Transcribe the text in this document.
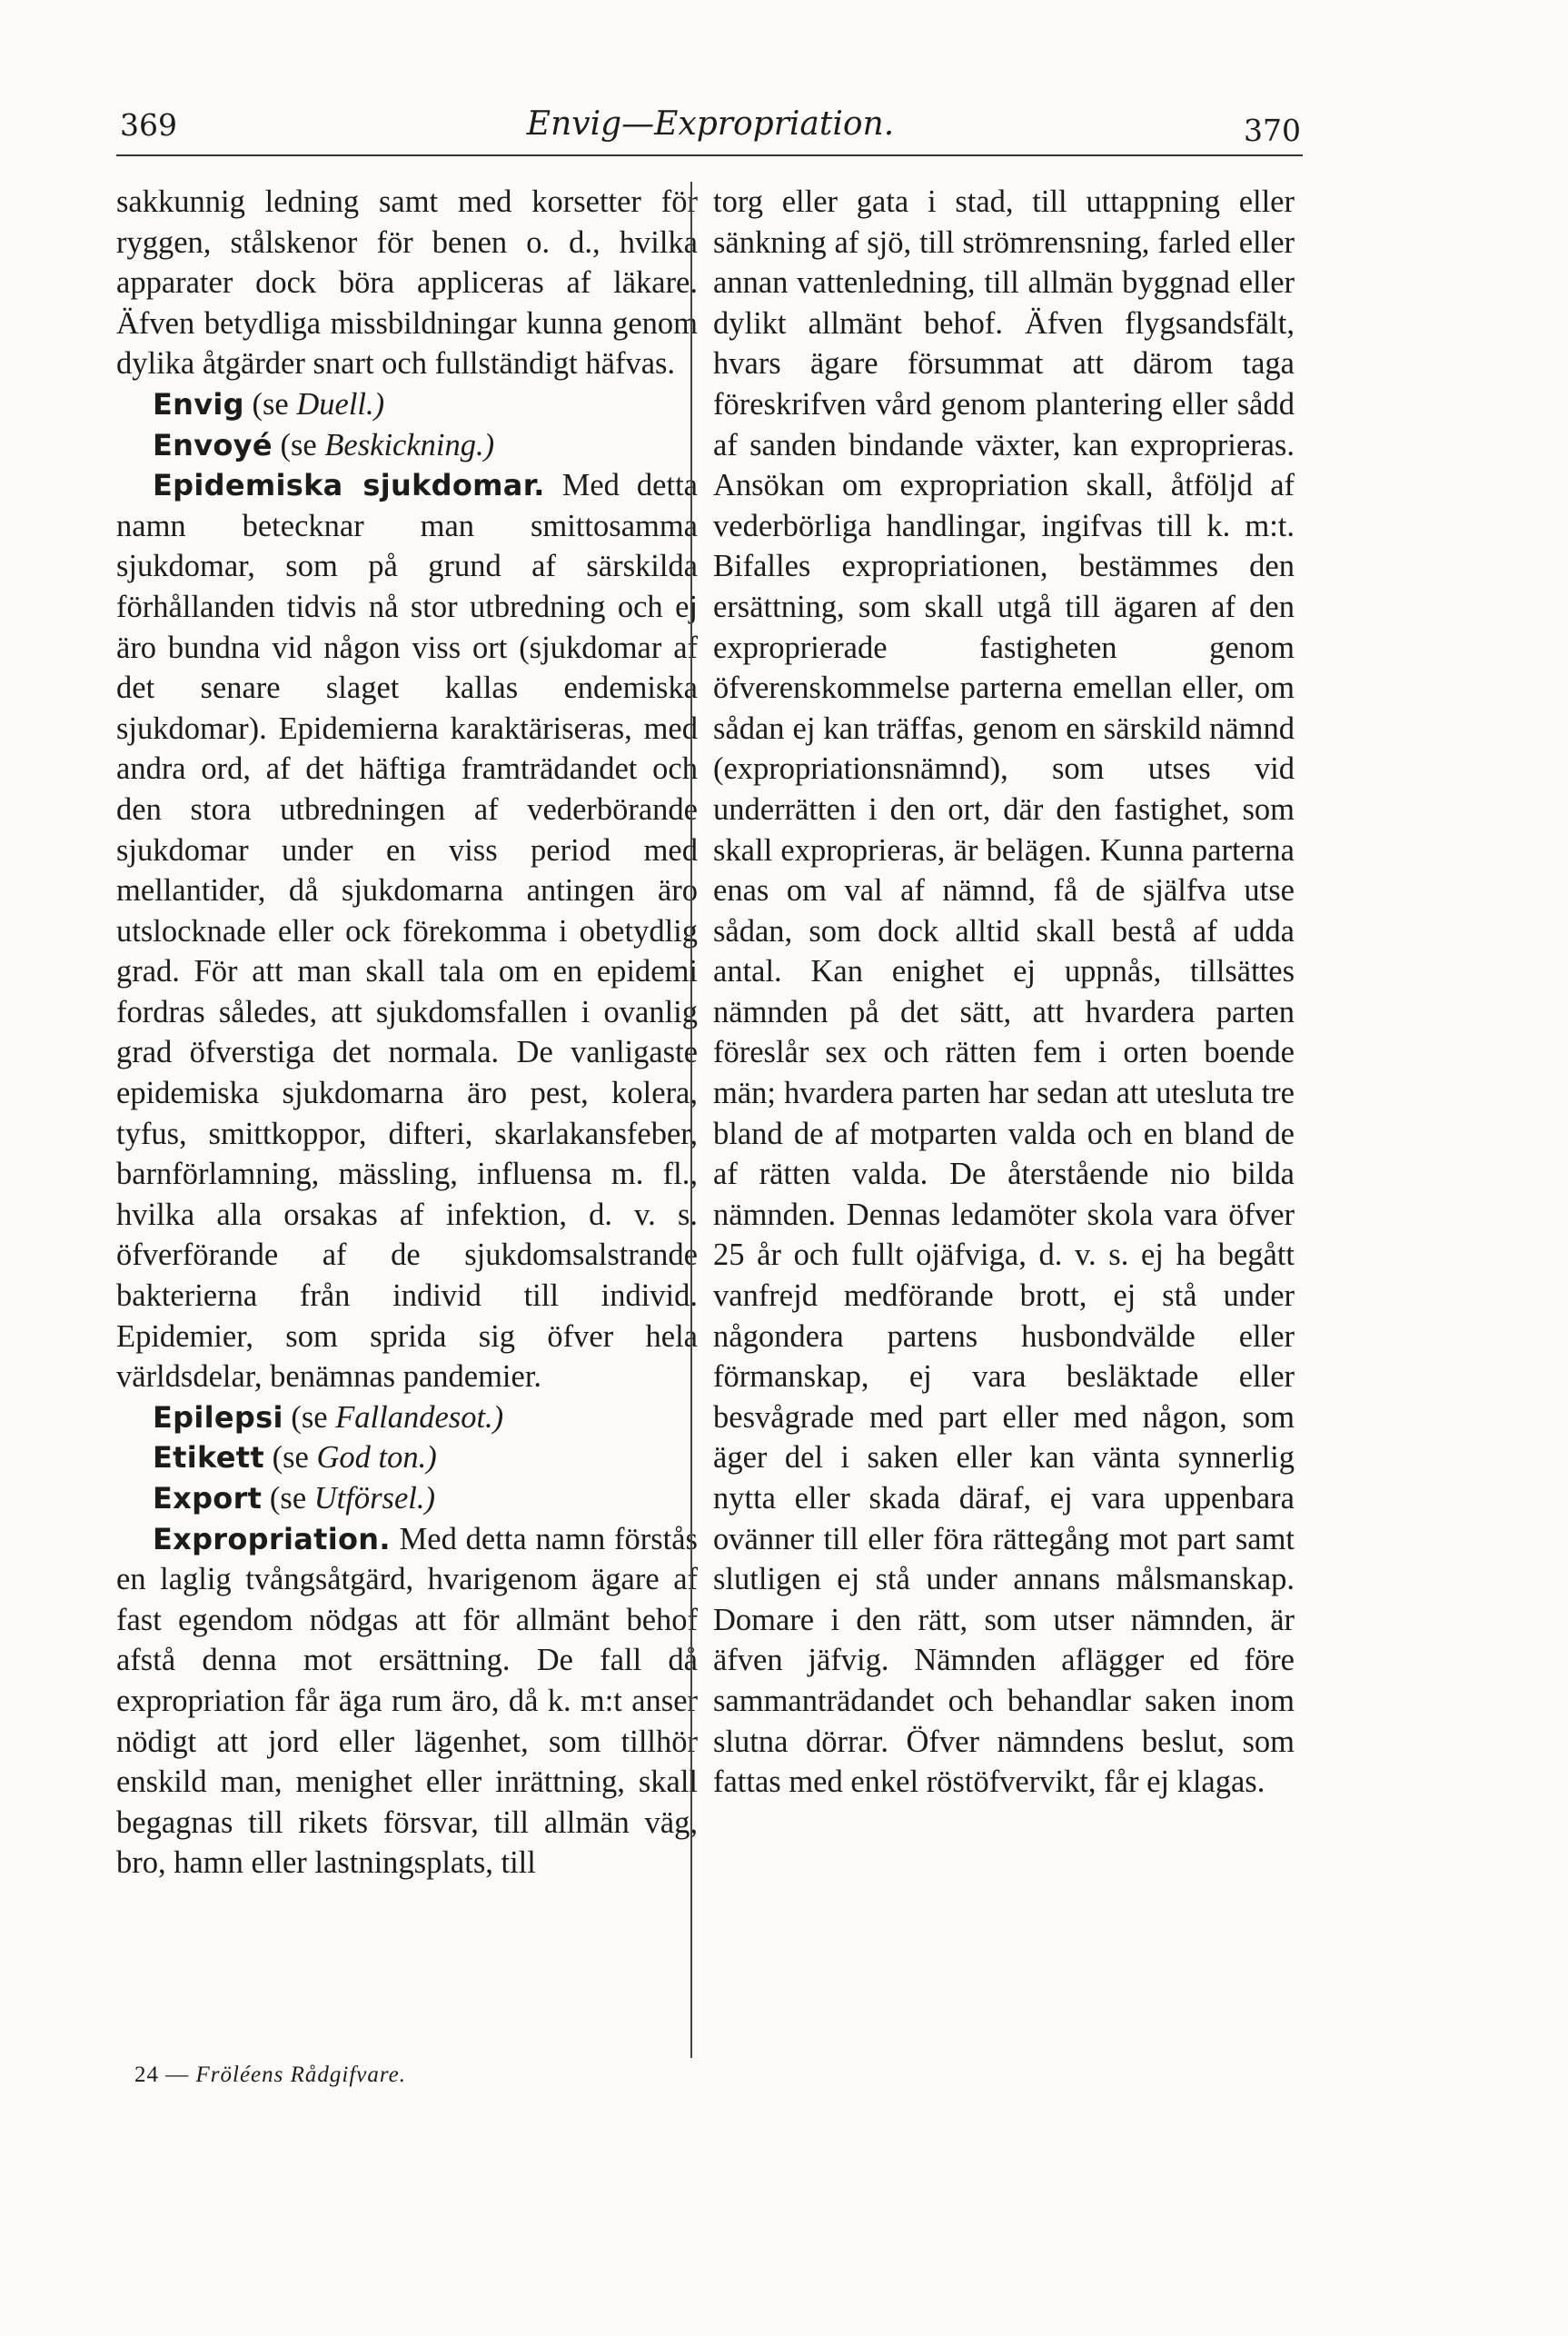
369	Envig—Expropriation.	370

sakkunnig ledning samt med korsetter för ryggen, stålskenor för benen o. d., hvilka apparater dock böra appliceras af läkare. Äfven betydliga missbildningar kunna genom dylika åtgärder snart och fullständigt häfvas.

Envig (se Duell.)

Envoyé (se Beskickning.)

Epidemiska sjukdomar. Med detta namn betecknar man smittosamma sjukdomar, som på grund af särskilda förhållanden tidvis nå stor utbredning och ej äro bundna vid någon viss ort (sjukdomar af det senare slaget kallas endemiska sjukdomar). Epidemierna karaktäriseras, med andra ord, af det häftiga framträdandet och den stora utbredningen af vederbörande sjukdomar under en viss period med mellantider, då sjukdomarna antingen äro utslocknade eller ock förekomma i obetydlig grad. För att man skall tala om en epidemi fordras således, att sjukdomsfallen i ovanlig grad öfverstiga det normala. De vanligaste epidemiska sjukdomarna äro pest, kolera, tyfus, smittkoppor, difteri, skarlakansfeber, barnförlamning, mässling, influensa m. fl., hvilka alla orsakas af infektion, d. v. s. öfverförande af de sjukdomsalstrande bakterierna från individ till individ. Epidemier, som sprida sig öfver hela världsdelar, benämnas pandemier.

Epilepsi (se Fallandesot.)

Etikett (se God ton.)

Export (se Utförsel.)

Expropriation. Med detta namn förstås en laglig tvångsåtgärd, hvarigenom ägare af fast egendom nödgas att för allmänt behof afstå denna mot ersättning. De fall då expropriation får äga rum äro, då k. m:t anser nödigt att jord eller lägenhet, som tillhör enskild man, menighet eller inrättning, skall begagnas till rikets försvar, till allmän väg, bro, hamn eller lastningsplats, till

torg eller gata i stad, till uttappning eller sänkning af sjö, till strömrensning, farled eller annan vattenledning, till allmän byggnad eller dylikt allmänt behof. Äfven flygsandsfält, hvars ägare försummat att därom taga föreskrifven vård genom plantering eller sådd af sanden bindande växter, kan exproprieras. Ansökan om expropriation skall, åtföljd af vederbörliga handlingar, ingifvas till k. m:t. Bifalles expropriationen, bestämmes den ersättning, som skall utgå till ägaren af den exproprierade fastigheten genom öfverenskommelse parterna emellan eller, om sådan ej kan träffas, genom en särskild nämnd (expropriationsnämnd), som utses vid underrätten i den ort, där den fastighet, som skall exproprieras, är belägen. Kunna parterna enas om val af nämnd, få de själfva utse sådan, som dock alltid skall bestå af udda antal. Kan enighet ej uppnås, tillsättes nämnden på det sätt, att hvardera parten föreslår sex och rätten fem i orten boende män; hvardera parten har sedan att utesluta tre bland de af motparten valda och en bland de af rätten valda. De återstående nio bilda nämnden. Dennas ledamöter skola vara öfver 25 år och fullt ojäfviga, d. v. s. ej ha begått vanfrejd medförande brott, ej stå under någondera partens husbondvälde eller förmanskap, ej vara besläktade eller besvågrade med part eller med någon, som äger del i saken eller kan vänta synnerlig nytta eller skada däraf, ej vara uppenbara ovänner till eller föra rättegång mot part samt slutligen ej stå under annans målsmanskap. Domare i den rätt, som utser nämnden, är äfven jäfvig. Nämnden aflägger ed före sammanträdandet och behandlar saken inom slutna dörrar. Öfver nämndens beslut, som fattas med enkel röstöfvervikt, får ej klagas.

24 — Fröléens Rådgifvare.
